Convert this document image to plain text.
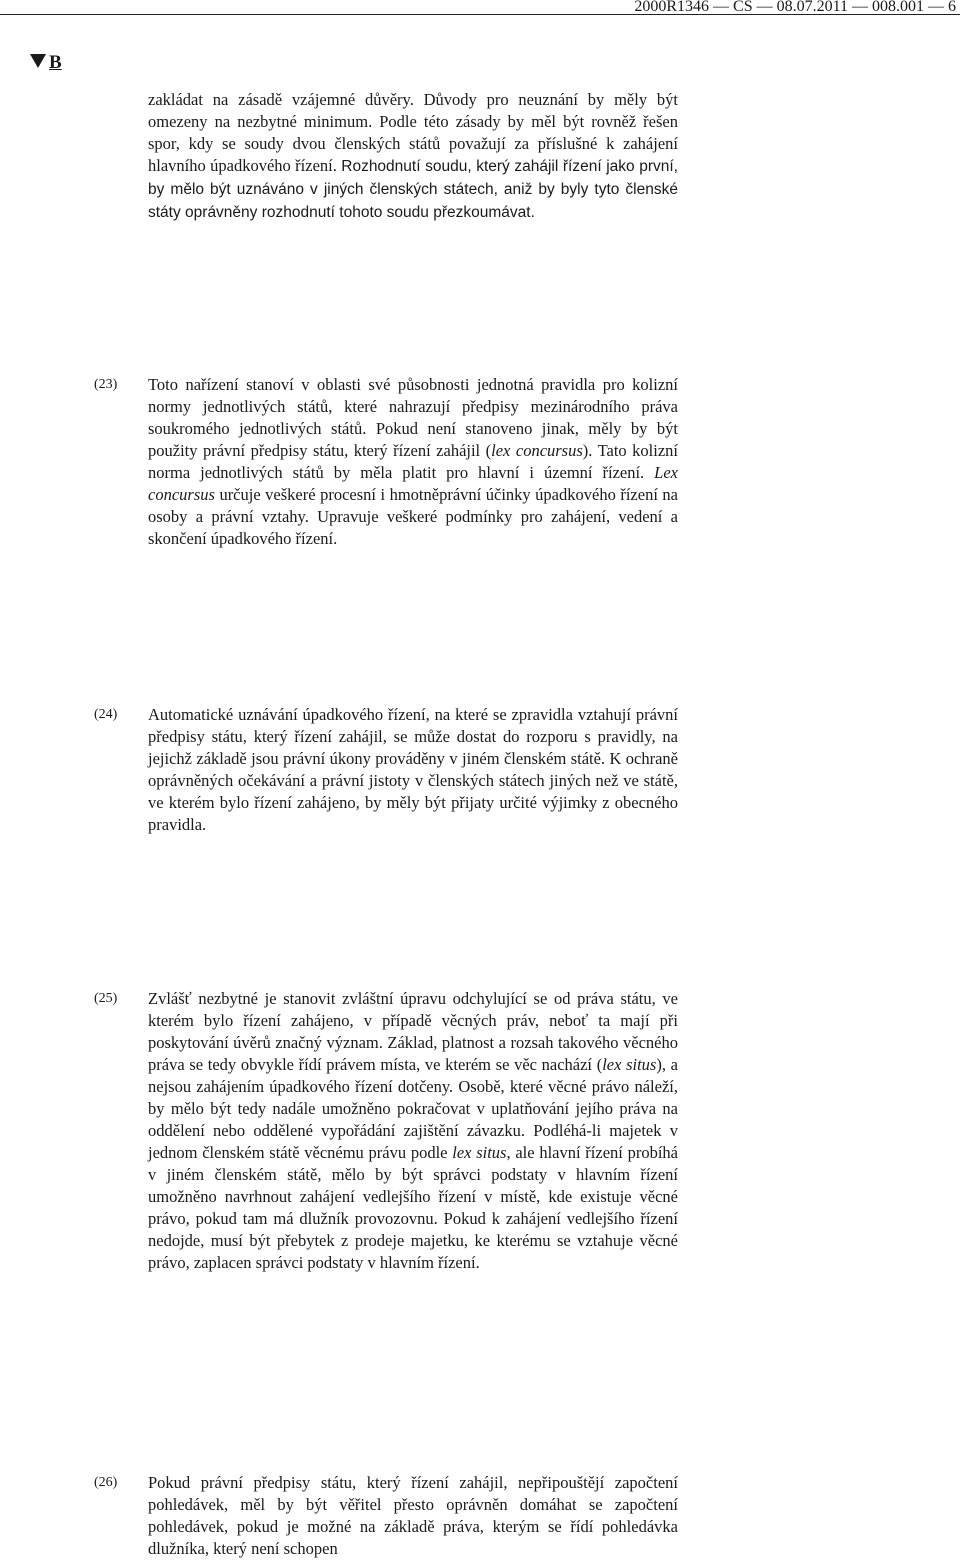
2000R1346 — CS — 08.07.2011 — 008.001 — 6
B
zakládat na zásadě vzájemné důvěry. Důvody pro neuznání by měly být omezeny na nezbytné minimum. Podle této zásady by měl být rovněž řešen spor, kdy se soudy dvou členských států považují za příslušné k zahájení hlavního úpadkového řízení. Rozhodnutí soudu, který zahájil řízení jako první, by mělo být uznáváno v jiných členských státech, aniž by byly tyto členské státy oprávněny rozhodnutí tohoto soudu přezkoumávat.
(23) Toto nařízení stanoví v oblasti své působnosti jednotná pravidla pro kolizní normy jednotlivých států, které nahrazují předpisy mezinárodního práva soukromého jednotlivých států. Pokud není stanoveno jinak, měly by být použity právní předpisy státu, který řízení zahájil (lex concursus). Tato kolizní norma jednotlivých států by měla platit pro hlavní i územní řízení. Lex concursus určuje veškeré procesní i hmotněprávní účinky úpadkového řízení na osoby a právní vztahy. Upravuje veškeré podmínky pro zahájení, vedení a skončení úpadkového řízení.
(24) Automatické uznávání úpadkového řízení, na které se zpravidla vztahují právní předpisy státu, který řízení zahájil, se může dostat do rozporu s pravidly, na jejichž základě jsou právní úkony prováděny v jiném členském státě. K ochraně oprávněných očekávání a právní jistoty v členských státech jiných než ve státě, ve kterém bylo řízení zahájeno, by měly být přijaty určité výjimky z obecného pravidla.
(25) Zvlášť nezbytné je stanovit zvláštní úpravu odchylující se od práva státu, ve kterém bylo řízení zahájeno, v případě věcných práv, neboť ta mají při poskytování úvěrů značný význam. Základ, platnost a rozsah takového věcného práva se tedy obvykle řídí právem místa, ve kterém se věc nachází (lex situs), a nejsou zahájením úpadkového řízení dotčeny. Osobě, které věcné právo náleží, by mělo být tedy nadále umožněno pokračovat v uplatňování jejího práva na oddělení nebo oddělené vypořádání zajištění závazku. Podléhá-li majetek v jednom členském státě věcnému právu podle lex situs, ale hlavní řízení probíhá v jiném členském státě, mělo by být správci podstaty v hlavním řízení umožněno navrhnout zahájení vedlejšího řízení v místě, kde existuje věcné právo, pokud tam má dlužník provozovnu. Pokud k zahájení vedlejšího řízení nedojde, musí být přebytek z prodeje majetku, ke kterému se vztahuje věcné právo, zaplacen správci podstaty v hlavním řízení.
(26) Pokud právní předpisy státu, který řízení zahájil, nepřipouštějí započtení pohledávek, měl by být věřitel přesto oprávněn domáhat se započtení pohledávek, pokud je možné na základě práva, kterým se řídí pohledávka dlužníka, který není schopen
